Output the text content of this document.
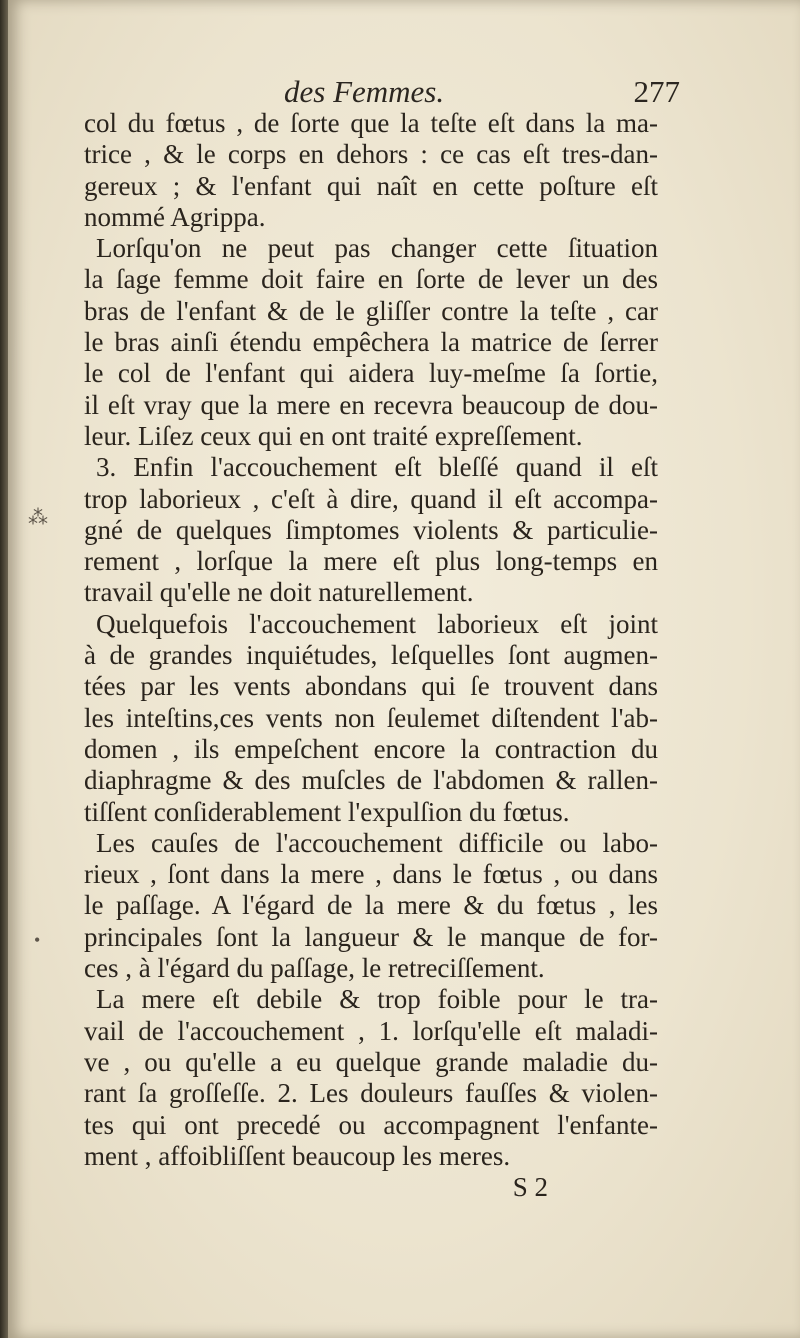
des Femmes.	277
col du fœtus , de ſorte que la teſte eſt dans la ma-
trice , & le corps en dehors : ce cas eſt tres-dan-
gereux ; & l'enfant qui naît en cette poſture eſt
nommé Agrippa.
Lorſqu'on ne peut pas changer cette ſituation
la ſage femme doit faire en ſorte de lever un des
bras de l'enfant & de le gliſſer contre la teſte , car
le bras ainſi étendu empêchera la matrice de ſerrer
le col de l'enfant qui aidera luy-meſme ſa ſortie,
il eſt vray que la mere en recevra beaucoup de dou-
leur. Liſez ceux qui en ont traité expreſſement.
3. Enfin l'accouchement eſt bleſſé quand il eſt
trop laborieux , c'eſt à dire, quand il eſt accompa-
gné de quelques ſimptomes violents & particulie-
rement , lorſque la mere eſt plus long-temps en
travail qu'elle ne doit naturellement.
Quelquefois l'accouchement laborieux eſt joint
à de grandes inquiétudes, leſquelles ſont augmen-
tées par les vents abondans qui ſe trouvent dans
les inteſtins,ces vents non ſeulemet diſtendent l'ab-
domen , ils empeſchent encore la contraction du
diaphragme & des muſcles de l'abdomen & rallen-
tiſſent conſiderablement l'expulſion du fœtus.
Les cauſes de l'accouchement difficile ou labo-
rieux , ſont dans la mere , dans le fœtus , ou dans
le paſſage. A l'égard de la mere & du fœtus , les
principales ſont la langueur & le manque de for-
ces , à l'égard du paſſage, le retreciſſement.
La mere eſt debile & trop foible pour le tra-
vail de l'accouchement , 1. lorſqu'elle eſt maladi-
ve , ou qu'elle a eu quelque grande maladie du-
rant ſa groſſeſſe. 2. Les douleurs fauſſes & violen-
tes qui ont precedé ou accompagnent l'enfante-
ment , affoibliſſent beaucoup les meres.
S 2
⁂
•
